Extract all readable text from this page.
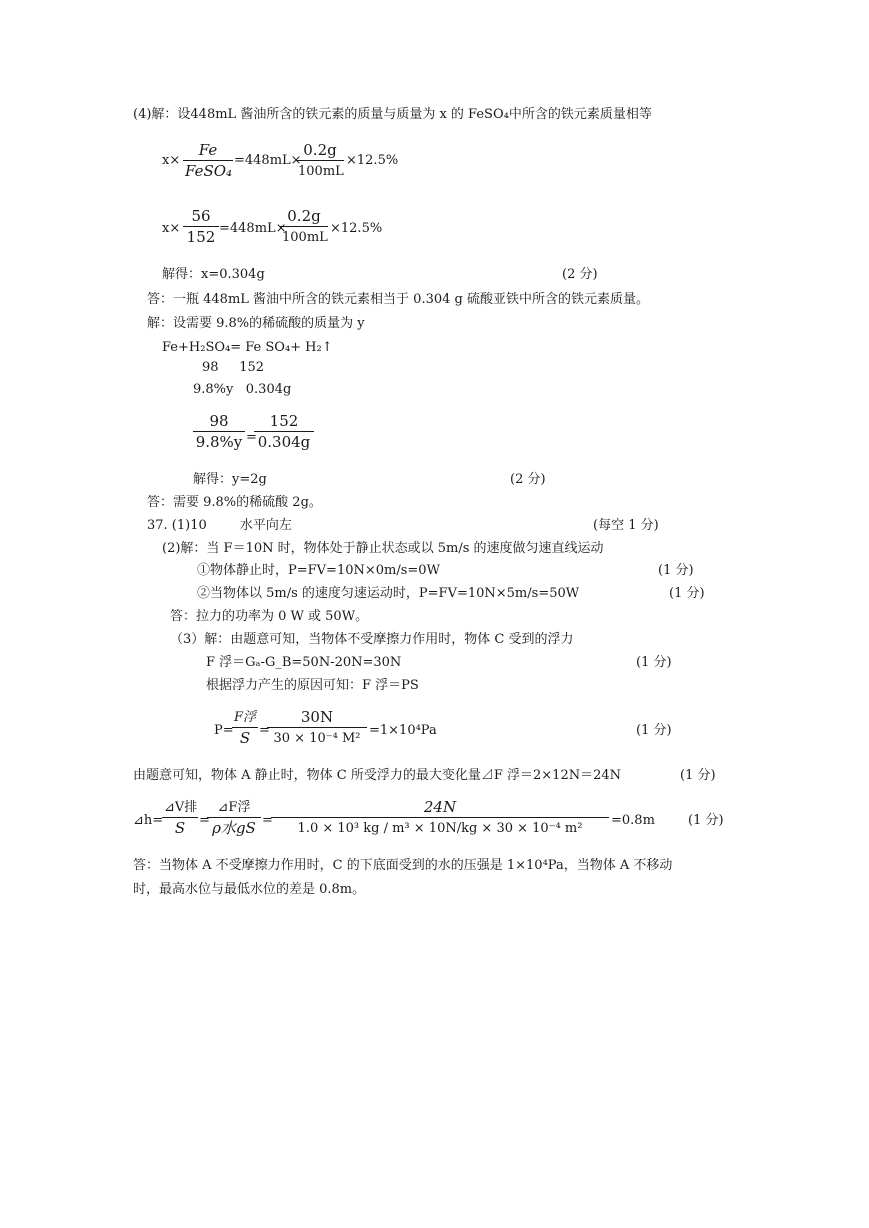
(4)解：设448mL 酱油所含的铁元素的质量与质量为 x 的 FeSO₄中所含的铁元素质量相等
x×
Fe
FeSO₄
=448mL×
$\frac{0.2g}{100mL} \times 12.5\%$
$x\times \frac{56}{152} =448mL\times$
$\frac{0.2g}{100mL} \times 12.5\%$
解得：x=0.304g	(2 分)
答：一瓶 448mL 酱油中所含的铁元素相当于 0.304 g 硫酸亚铁中所含的铁元素质量。
解：设需要 9.8%的稀硫酸的质量为 y
Fe+H₂SO₄= Fe SO₄+ H₂↑
98     152
9.8%y   0.304g
$\frac{98}{9.8\%y}$ =
$\frac{152}{0.304g}$
解得：y=2g	(2 分)
答：需要 9.8%的稀硫酸 2g。
37. (1)10        水平向左	(每空 1 分)
(2)解：当 F＝10N 时，物体处于静止状态或以 5m/s 的速度做匀速直线运动
①物体静止时，P=FV=10N×0m/s=0W	(1 分)
②当物体以 5m/s 的速度匀速运动时，P=FV=10N×5m/s=50W	(1 分)
答：拉力的功率为 0 W 或 50W。
（3）解：由题意可知，当物体不受摩擦力作用时，物体 C 受到的浮力
F 浮＝Gₐ-G_B=50N-20N=30N	(1 分)
根据浮力产生的原因可知：F 浮＝PS
P=
F浮
S =
$\frac{30N}{\text{30 × 10⁻⁴ M²}} =1\times 10^4Pa$	(1 分)
由题意可知，物体 A 静止时，物体 C 所受浮力的最大变化量⊿F 浮＝2×12N＝24N	(1 分)
⊿h=
⊿V排
S	=
⊿F浮
ρ水gS =
$\frac{24N}{\text{1.0 × 10³ kg / m³ × 10N/kg × 30 × 10⁻⁴ m²}} =0.8m$	(1 分)
答：当物体 A 不受摩擦力作用时，C 的下底面受到的水的压强是 1×10⁴Pa，当物体 A 不移动
时，最高水位与最低水位的差是 0.8m。
